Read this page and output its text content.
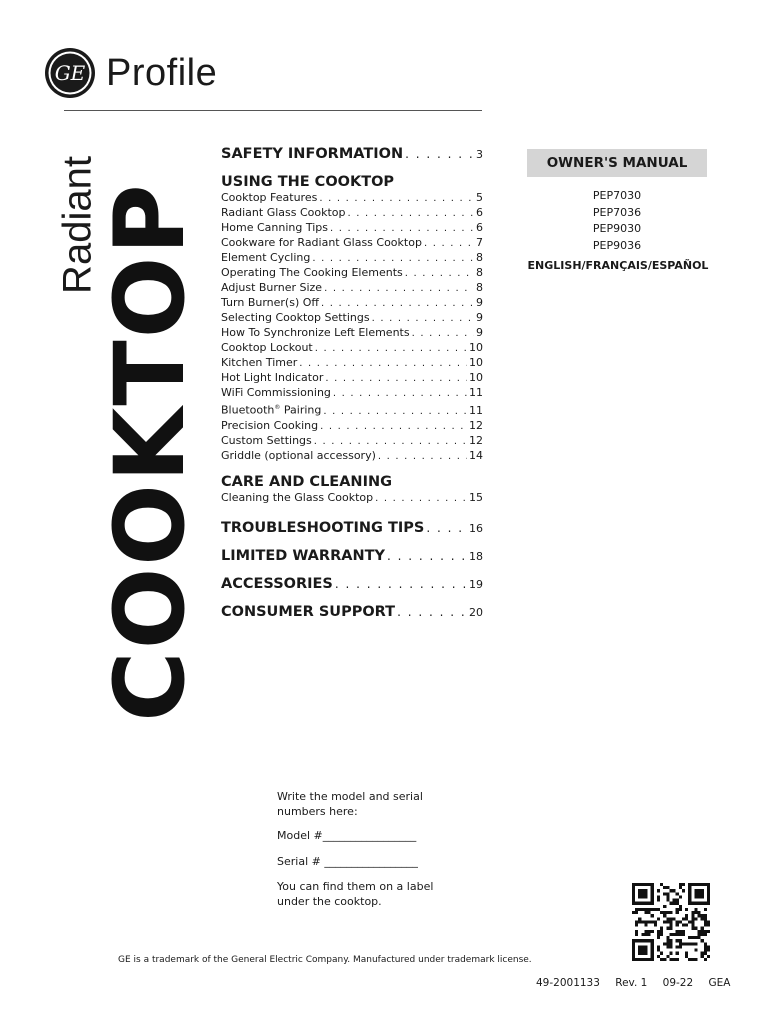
GE Profile
Radiant
COOKTOP
SAFETY INFORMATION . . .	3
USING THE COOKTOP
Cooktop Features . . .	5
Radiant Glass Cooktop . . .	6
Home Canning Tips . . .	6
Cookware for Radiant Glass Cooktop . . .	7
Element Cycling . . .	8
Operating The Cooking Elements . . .	8
Adjust Burner Size . . .	8
Turn Burner(s) Off . . .	9
Selecting Cooktop Settings . . .	9
How To Synchronize Left Elements . . .	9
Cooktop Lockout . . .	10
Kitchen Timer . . .	10
Hot Light Indicator . . .	10
WiFi Commissioning . . .	11
Bluetooth® Pairing . . .	11
Precision Cooking . . .	12
Custom Settings . . .	12
Griddle (optional accessory) . . .	14
CARE AND CLEANING
Cleaning the Glass Cooktop . . .	15
TROUBLESHOOTING TIPS . . .	16
LIMITED WARRANTY . . .	18
ACCESSORIES . . .	19
CONSUMER SUPPORT . . .	20
OWNER'S MANUAL
PEP7030
PEP7036
PEP9030
PEP9036
ENGLISH/FRANÇAIS/ESPAÑOL

Write the model and serial numbers here:

Model #_________________

Serial # _________________

You can find them on a label under the cooktop.

GE is a trademark of the General Electric Company. Manufactured under trademark license.
49-2001133 Rev. 1 09-22 GEA
